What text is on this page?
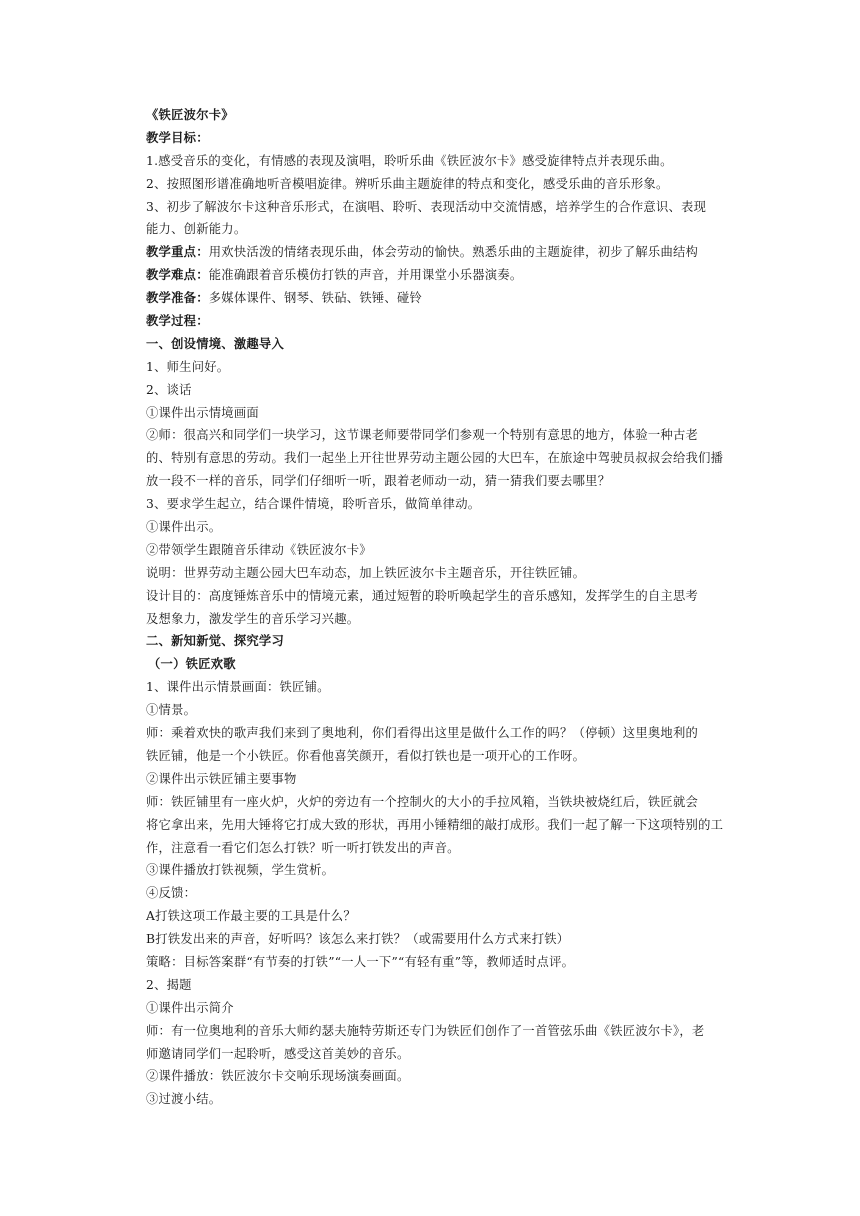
《铁匠波尔卡》
教学目标：
1.感受音乐的变化，有情感的表现及演唱，聆听乐曲《铁匠波尔卡》感受旋律特点并表现乐曲。
2、按照图形谱准确地听音模唱旋律。辨听乐曲主题旋律的特点和变化，感受乐曲的音乐形象。
3、初步了解波尔卡这种音乐形式，在演唱、聆听、表现活动中交流情感，培养学生的合作意识、表现
能力、创新能力。
教学重点：用欢快活泼的情绪表现乐曲，体会劳动的愉快。熟悉乐曲的主题旋律，初步了解乐曲结构
教学难点：能准确跟着音乐模仿打铁的声音，并用课堂小乐器演奏。
教学准备：多媒体课件、钢琴、铁砧、铁锤、碰铃
教学过程：
一、创设情境、激趣导入
1、师生问好。
2、谈话
①课件出示情境画面
②师：很高兴和同学们一块学习，这节课老师要带同学们参观一个特别有意思的地方，体验一种古老
的、特别有意思的劳动。我们一起坐上开往世界劳动主题公园的大巴车，在旅途中驾驶员叔叔会给我们播
放一段不一样的音乐，同学们仔细听一听，跟着老师动一动，猜一猜我们要去哪里？
3、要求学生起立，结合课件情境，聆听音乐，做简单律动。
①课件出示。
②带领学生跟随音乐律动《铁匠波尔卡》
说明：世界劳动主题公园大巴车动态，加上铁匠波尔卡主题音乐，开往铁匠铺。
设计目的：高度锤炼音乐中的情境元素，通过短暂的聆听唤起学生的音乐感知，发挥学生的自主思考
及想象力，激发学生的音乐学习兴趣。
二、新知新觉、探究学习
（一）铁匠欢歌
1、课件出示情景画面：铁匠铺。
①情景。
师：乘着欢快的歌声我们来到了奥地利，你们看得出这里是做什么工作的吗？（停顿）这里奥地利的
铁匠铺，他是一个小铁匠。你看他喜笑颜开，看似打铁也是一项开心的工作呀。
②课件出示铁匠铺主要事物
师：铁匠铺里有一座火炉，火炉的旁边有一个控制火的大小的手拉风箱，当铁块被烧红后，铁匠就会
将它拿出来，先用大锤将它打成大致的形状，再用小锤精细的敲打成形。我们一起了解一下这项特别的工
作，注意看一看它们怎么打铁？听一听打铁发出的声音。
③课件播放打铁视频，学生赏析。
④反馈：
A打铁这项工作最主要的工具是什么？
B打铁发出来的声音，好听吗？该怎么来打铁？（或需要用什么方式来打铁）
策略：目标答案群“有节奏的打铁”“一人一下”“有轻有重”等，教师适时点评。
2、揭题
①课件出示简介
师：有一位奥地利的音乐大师约瑟夫施特劳斯还专门为铁匠们创作了一首管弦乐曲《铁匠波尔卡》，老
师邀请同学们一起聆听，感受这首美妙的音乐。
②课件播放：铁匠波尔卡交响乐现场演奏画面。
③过渡小结。
